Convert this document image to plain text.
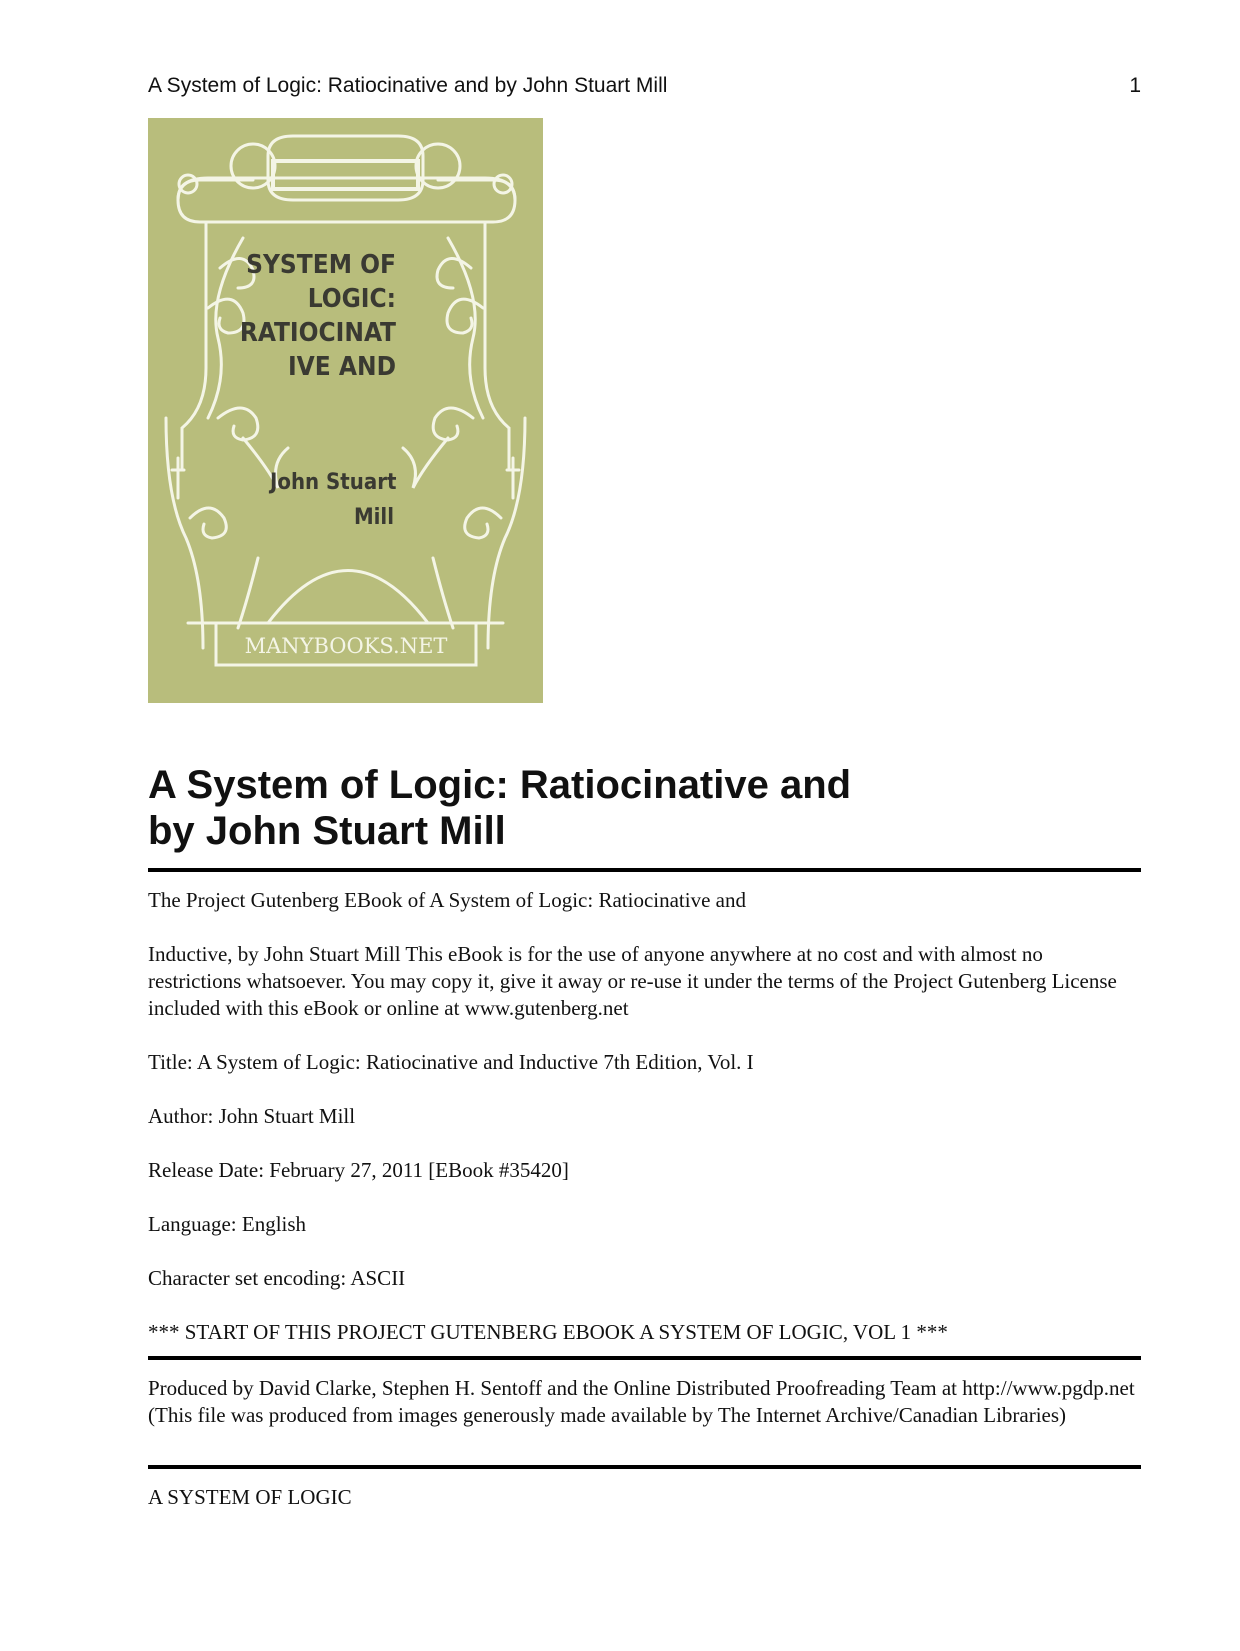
A System of Logic: Ratiocinative and by John Stuart Mill	1
SYSTEM OF
LOGIC:
RATIOCINAT
IVE AND
John Stuart
Mill
MANYBOOKS.NET
A System of Logic: Ratiocinative and
by John Stuart Mill

The Project Gutenberg EBook of A System of Logic: Ratiocinative and

Inductive, by John Stuart Mill This eBook is for the use of anyone anywhere at no cost and with almost no restrictions whatsoever. You may copy it, give it away or re-use it under the terms of the Project Gutenberg License included with this eBook or online at www.gutenberg.net

Title: A System of Logic: Ratiocinative and Inductive 7th Edition, Vol. I

Author: John Stuart Mill

Release Date: February 27, 2011 [EBook #35420]

Language: English

Character set encoding: ASCII

*** START OF THIS PROJECT GUTENBERG EBOOK A SYSTEM OF LOGIC, VOL 1 ***

Produced by David Clarke, Stephen H. Sentoff and the Online Distributed Proofreading Team at http://www.pgdp.net (This file was produced from images generously made available by The Internet Archive/Canadian Libraries)

A SYSTEM OF LOGIC
